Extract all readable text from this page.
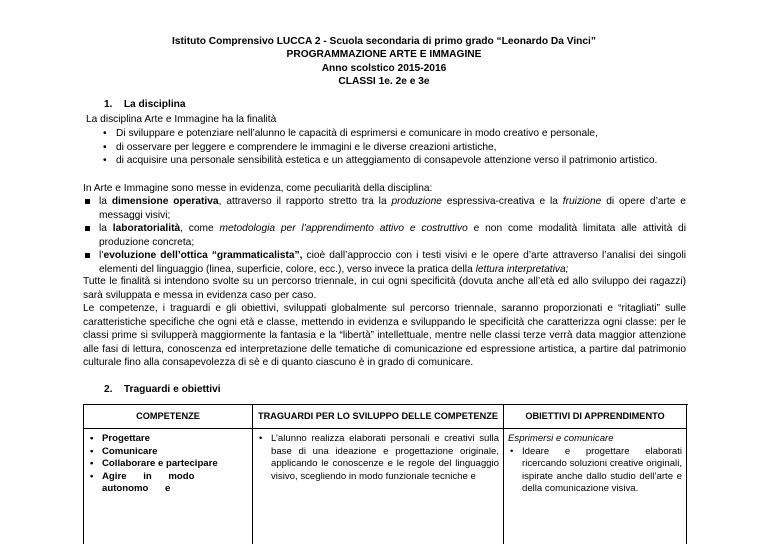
Istituto Comprensivo LUCCA 2 - Scuola secondaria di primo grado “Leonardo Da Vinci”
PROGRAMMAZIONE ARTE E IMMAGINE
Anno scolstico 2015-2016
CLASSI 1e. 2e e 3e
1. La disciplina
La disciplina Arte e Immagine ha la finalità
• Di sviluppare e potenziare nell’alunno le capacità di esprimersi e comunicare in modo creativo e personale,
• di osservare per leggere e comprendere le immagini e le diverse creazioni artistiche,
• di acquisire una personale sensibilità estetica e un atteggiamento di consapevole attenzione verso il patrimonio artistico.
In Arte e Immagine sono messe in evidenza, come peculiarità della disciplina:
la dimensione operativa, attraverso il rapporto stretto tra la produzione espressiva-creativa e la fruizione di opere d’arte e messaggi visivi;
la laboratorialità, come metodologia per l’apprendimento attivo e costruttivo e non come modalità limitata alle attività di produzione concreta;
l’evoluzione dell’ottica “grammaticalista”, cioè dall’approccio con i testi visivi e le opere d’arte attraverso l’analisi dei singoli elementi del linguaggio (linea, superficie, colore, ecc.), verso invece la pratica della lettura interpretativa;
Tutte le finalità si intendono svolte su un percorso triennale, in cui ogni specificità (dovuta anche all’età ed allo sviluppo dei ragazzi) sarà sviluppata e messa in evidenza caso per caso.
Le competenze, i traguardi e gli obiettivi, sviluppati globalmente sul percorso triennale, saranno proporzionati e “ritagliati” sulle caratteristiche specifiche che ogni età e classe, mettendo in evidenza e sviluppando le specificità che caratterizza ogni classe: per le classi prime si svilupperà maggiormente la fantasia e la “libertà” intellettuale, mentre nelle classi terze verrà data maggior attenzione alle fasi di lettura, conoscenza ed interpretazione delle tematiche di comunicazione ed espressione artistica, a partire dal patrimonio culturale fino alla consapevolezza di sè e di quanto ciascuno è in grado di comunicare.
2. Traguardi e obiettivi
COMPETENZE
• Progettare
• Comunicare
• Collaborare e partecipare
• Agire in modo autonomo e
TRAGUARDI PER LO SVILUPPO DELLE COMPETENZE
• L’alunno realizza elaborati personali e creativi sulla base di una ideazione e progettazione originale, applicando le conoscenze e le regole del linguaggio visivo, scegliendo in modo funzionale tecniche e
OBIETTIVI DI APPRENDIMENTO
Esprimersi e comunicare
• Ideare e progettare elaborati ricercando soluzioni creative originali, ispirate anche dallo studio dell’arte e della comunicazione visiva.
